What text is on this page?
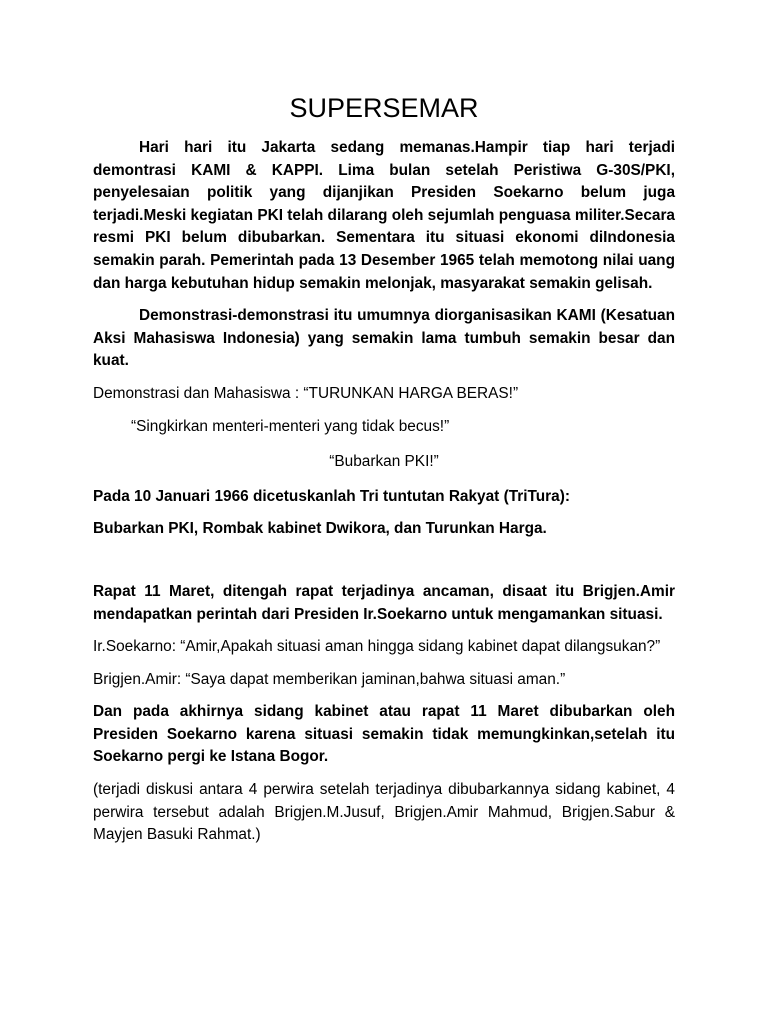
SUPERSEMAR

Hari hari itu Jakarta sedang memanas.Hampir tiap hari terjadi demontrasi KAMI & KAPPI. Lima bulan setelah Peristiwa G-30S/PKI, penyelesaian politik yang dijanjikan Presiden Soekarno belum juga terjadi.Meski kegiatan PKI telah dilarang oleh sejumlah penguasa militer.Secara resmi PKI belum dibubarkan. Sementara itu situasi ekonomi diIndonesia semakin parah. Pemerintah pada 13 Desember 1965 telah memotong nilai uang dan harga kebutuhan hidup semakin melonjak, masyarakat semakin gelisah.

Demonstrasi-demonstrasi itu umumnya diorganisasikan KAMI (Kesatuan Aksi Mahasiswa Indonesia) yang semakin lama tumbuh semakin besar dan kuat.

Demonstrasi dan Mahasiswa : “TURUNKAN HARGA BERAS!”

“Singkirkan menteri-menteri yang tidak becus!”

“Bubarkan PKI!”

Pada 10 Januari 1966 dicetuskanlah Tri tuntutan Rakyat (TriTura):

Bubarkan PKI, Rombak kabinet Dwikora, dan Turunkan Harga.

Rapat 11 Maret, ditengah rapat terjadinya ancaman, disaat itu Brigjen.Amir mendapatkan perintah dari Presiden Ir.Soekarno untuk mengamankan situasi.

Ir.Soekarno: “Amir,Apakah situasi aman hingga sidang kabinet dapat dilangsukan?”

Brigjen.Amir: “Saya dapat memberikan jaminan,bahwa situasi aman.”

Dan pada akhirnya sidang kabinet atau rapat 11 Maret dibubarkan oleh Presiden Soekarno karena situasi semakin tidak memungkinkan,setelah itu Soekarno pergi ke Istana Bogor.

(terjadi diskusi antara 4 perwira setelah terjadinya dibubarkannya sidang kabinet, 4 perwira tersebut adalah Brigjen.M.Jusuf, Brigjen.Amir Mahmud, Brigjen.Sabur & Mayjen Basuki Rahmat.)
